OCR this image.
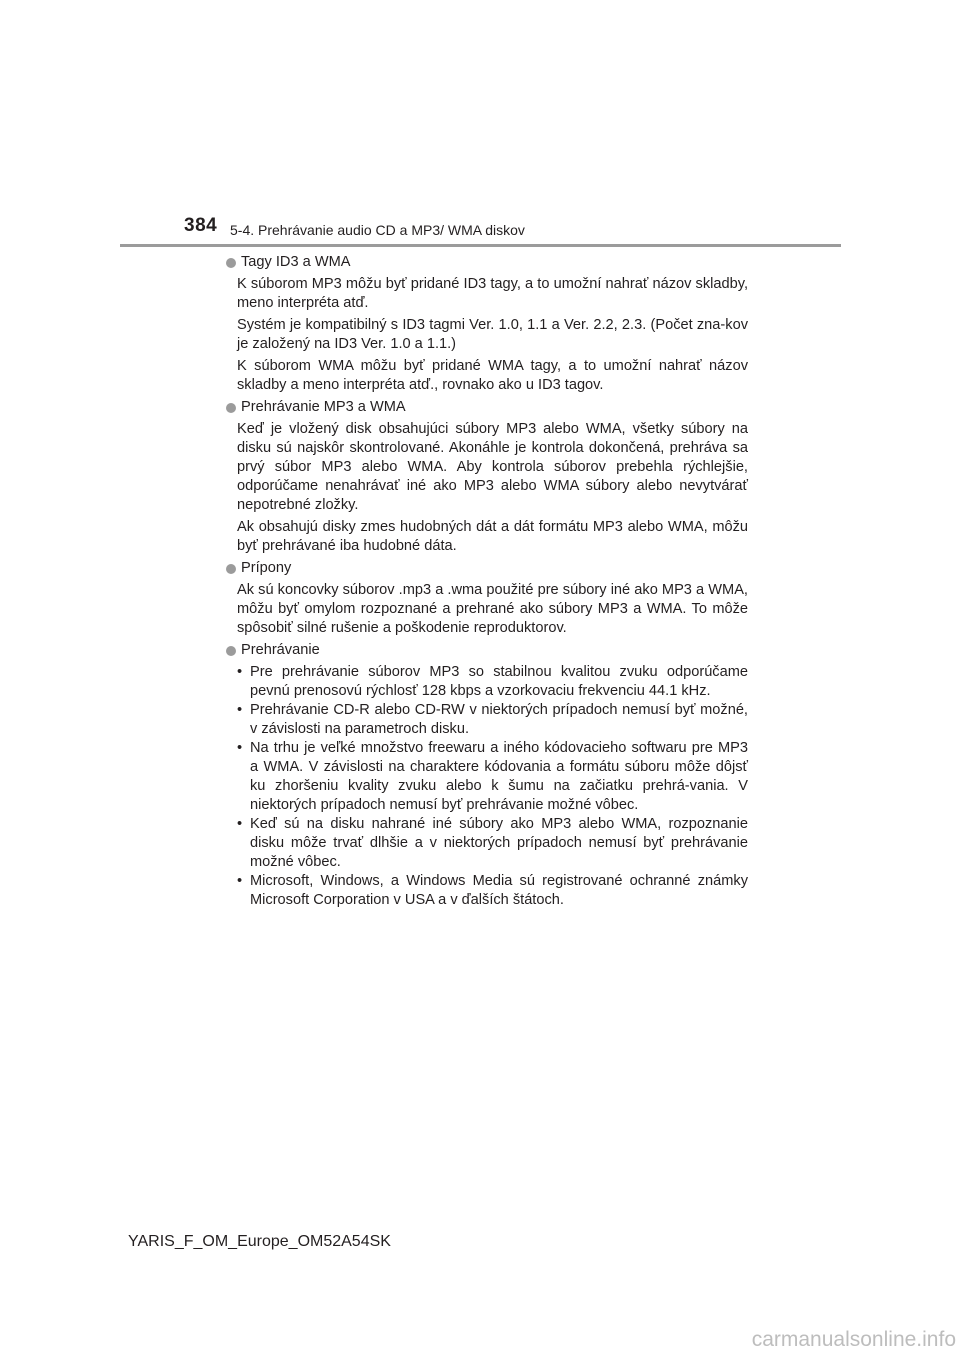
384 5-4. Prehrávanie audio CD a MP3/ WMA diskov
Tagy ID3 a WMA

K súborom MP3 môžu byť pridané ID3 tagy, a to umožní nahrať názov skladby, meno interpréta atď.

Systém je kompatibilný s ID3 tagmi Ver. 1.0, 1.1 a Ver. 2.2, 2.3. (Počet zna-kov je založený na ID3 Ver. 1.0 a 1.1.)

K súborom WMA môžu byť pridané WMA tagy, a to umožní nahrať názov skladby a meno interpréta atď., rovnako ako u ID3 tagov.

Prehrávanie MP3 a WMA

Keď je vložený disk obsahujúci súbory MP3 alebo WMA, všetky súbory na disku sú najskôr skontrolované. Akonáhle je kontrola dokončená, prehráva sa prvý súbor MP3 alebo WMA. Aby kontrola súborov prebehla rýchlejšie, odporúčame nenahrávať iné ako MP3 alebo WMA súbory alebo nevytvárať nepotrebné zložky.

Ak obsahujú disky zmes hudobných dát a dát formátu MP3 alebo WMA, môžu byť prehrávané iba hudobné dáta.

Prípony

Ak sú koncovky súborov .mp3 a .wma použité pre súbory iné ako MP3 a WMA, môžu byť omylom rozpoznané a prehrané ako súbory MP3 a WMA. To môže spôsobiť silné rušenie a poškodenie reproduktorov.

Prehrávanie
• Pre prehrávanie súborov MP3 so stabilnou kvalitou zvuku odporúčame pevnú prenosovú rýchlosť 128 kbps a vzorkovaciu frekvenciu 44.1 kHz.
• Prehrávanie CD-R alebo CD-RW v niektorých prípadoch nemusí byť možné, v závislosti na parametroch disku.
• Na trhu je veľké množstvo freewaru a iného kódovacieho softwaru pre MP3 a WMA. V závislosti na charaktere kódovania a formátu súboru môže dôjsť ku zhoršeniu kvality zvuku alebo k šumu na začiatku prehrá-vania. V niektorých prípadoch nemusí byť prehrávanie možné vôbec.
• Keď sú na disku nahrané iné súbory ako MP3 alebo WMA, rozpoznanie disku môže trvať dlhšie a v niektorých prípadoch nemusí byť prehrávanie možné vôbec.
• Microsoft, Windows, a Windows Media sú registrované ochranné známky Microsoft Corporation v USA a v ďalších štátoch.
YARIS_F_OM_Europe_OM52A54SK
carmanualsonline.info
